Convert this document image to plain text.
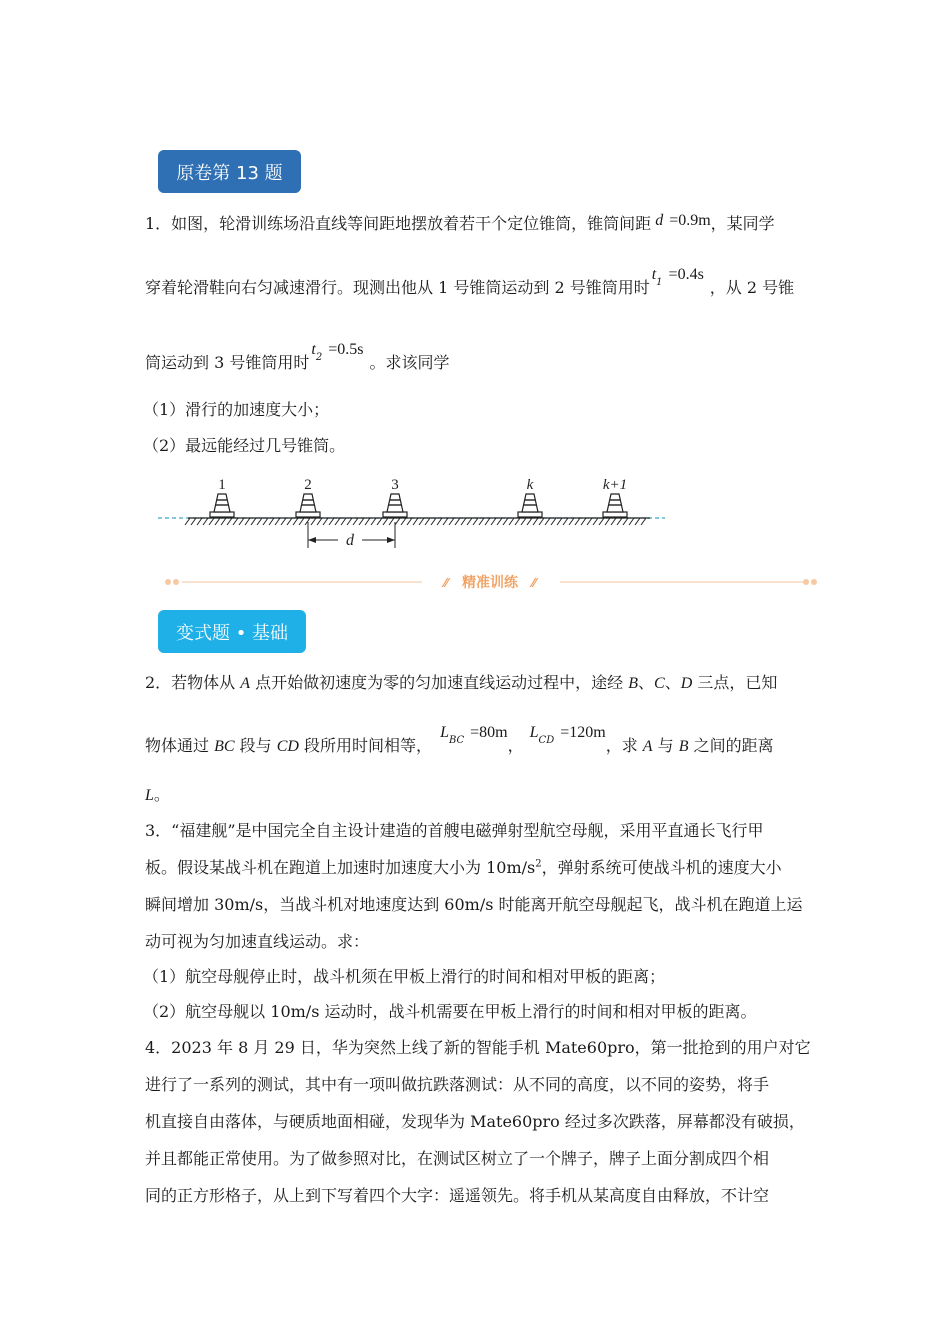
原卷第 13 题
1．如图，轮滑训练场沿直线等间距地摆放着若干个定位锥筒，锥筒间距 d =0.9m，某同学
穿着轮滑鞋向右匀减速滑行。现测出他从 1 号锥筒运动到 2 号锥筒用时$t_1 =0.4s$，从 2 号锥
筒运动到 3 号锥筒用时$t_2 =0.5s$。求该同学
（1）滑行的加速度大小；
（2）最远能经过几号锥筒。
1	2	3	k	k+1
d
⁄⁄	⁄⁄
精准训练
变式题 • 基础
2．若物体从 A 点开始做初速度为零的匀加速直线运动过程中，途经 B、C、D 三点，已知
物体通过 BC 段与 CD 段所用时间相等，$L_{BC} =80m$，$L_{CD} =120m$，求 A 与 B 之间的距离
L。
3．“福建舰”是中国完全自主设计建造的首艘电磁弹射型航空母舰，采用平直通长飞行甲
板。假设某战斗机在跑道上加速时加速度大小为 $10m/s^2$，弹射系统可使战斗机的速度大小
瞬间增加 30m/s，当战斗机对地速度达到 60m/s 时能离开航空母舰起飞，战斗机在跑道上运
动可视为匀加速直线运动。求：
（1）航空母舰停止时，战斗机须在甲板上滑行的时间和相对甲板的距离；
（2）航空母舰以 10m/s 运动时，战斗机需要在甲板上滑行的时间和相对甲板的距离。
4．2023 年 8 月 29 日，华为突然上线了新的智能手机 Mate60pro，第一批抢到的用户对它
进行了一系列的测试，其中有一项叫做抗跌落测试：从不同的高度，以不同的姿势，将手
机直接自由落体，与硬质地面相碰，发现华为 Mate60pro 经过多次跌落，屏幕都没有破损，
并且都能正常使用。为了做参照对比，在测试区树立了一个牌子，牌子上面分割成四个相
同的正方形格子，从上到下写着四个大字：遥遥领先。将手机从某高度自由释放，不计空
